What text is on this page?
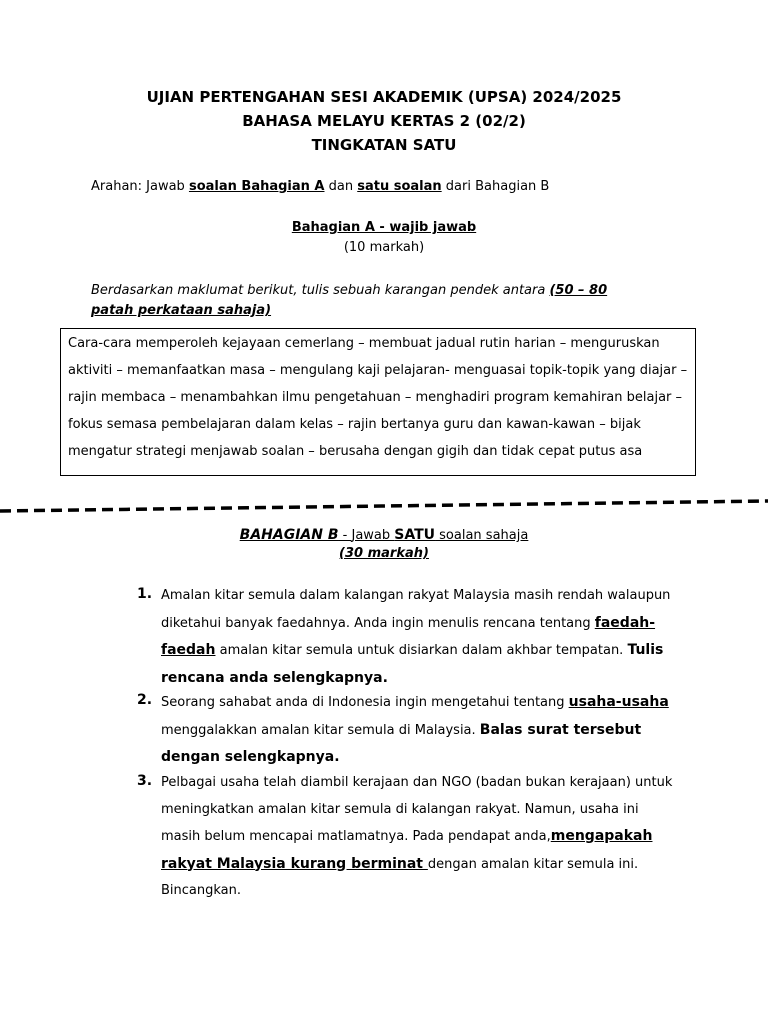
UJIAN PERTENGAHAN SESI AKADEMIK (UPSA) 2024/2025
BAHASA MELAYU KERTAS 2 (02/2)
TINGKATAN SATU
Arahan: Jawab soalan Bahagian A dan satu soalan dari Bahagian B
Bahagian A - wajib jawab
(10 markah)
Berdasarkan maklumat berikut, tulis sebuah karangan pendek antara (50 – 80 patah perkataan sahaja)
Cara-cara memperoleh kejayaan cemerlang – membuat jadual rutin harian – menguruskan aktiviti – memanfaatkan masa – mengulang kaji pelajaran- menguasai topik-topik yang diajar – rajin membaca – menambahkan ilmu pengetahuan – menghadiri program kemahiran belajar – fokus semasa pembelajaran dalam kelas – rajin bertanya guru dan kawan-kawan – bijak mengatur strategi menjawab soalan – berusaha dengan gigih dan tidak cepat putus asa
BAHAGIAN B - Jawab SATU soalan sahaja
(30 markah)
1. Amalan kitar semula dalam kalangan rakyat Malaysia masih rendah walaupun diketahui banyak faedahnya. Anda ingin menulis rencana tentang faedah-faedah amalan kitar semula untuk disiarkan dalam akhbar tempatan. Tulis rencana anda selengkapnya.
2. Seorang sahabat anda di Indonesia ingin mengetahui tentang usaha-usaha menggalakkan amalan kitar semula di Malaysia. Balas surat tersebut dengan selengkapnya.
3. Pelbagai usaha telah diambil kerajaan dan NGO (badan bukan kerajaan) untuk meningkatkan amalan kitar semula di kalangan rakyat. Namun, usaha ini masih belum mencapai matlamatnya. Pada pendapat anda,mengapakah rakyat Malaysia kurang berminat dengan amalan kitar semula ini. Bincangkan.
